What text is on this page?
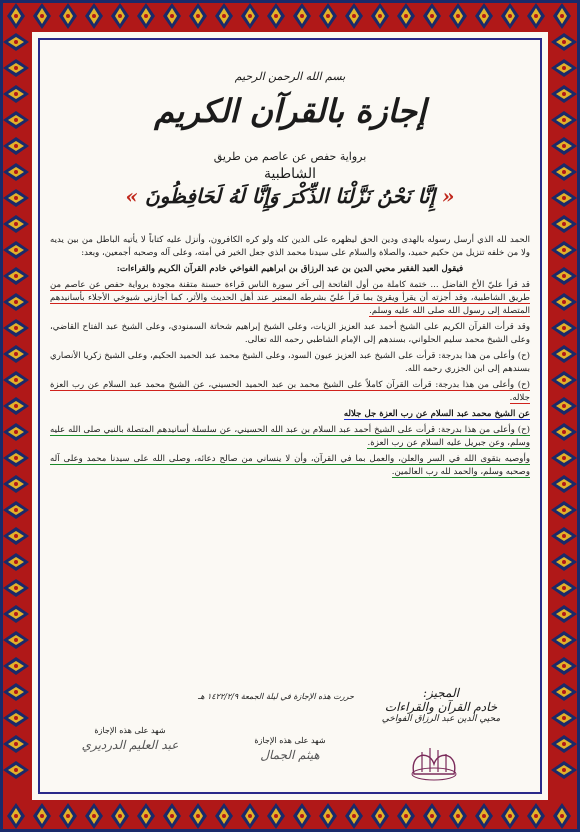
بسم الله الرحمن الرحيم
إجازة بالقرآن الكريم
برواية حفص عن عاصم من طريق
الشاطبية
« إِنَّا نَحْنُ نَزَّلْنَا الذِّكْرَ وَإِنَّا لَهُ لَحَافِظُونَ »

الحمد لله الذي أرسل رسوله بالهدى ودين الحق ليظهره على الدين كله ولو كره الكافرون، وأنزل عليه كتاباً لا يأتيه الباطل من بين يديه ولا من خلفه تنزيل من حكيم حميد، والصلاة والسلام على سيدنا محمد الذي جعل الخير في أمته، وعلى آله وصحبه أجمعين، وبعد:

فيقول العبد الفقير محيي الدين بن عبد الرزاق بن ابراهيم الفواخي خادم القرآن الكريم والقراءات:

قد قرأ عليّ الأخ الفاضل ... ختمة كاملة من أول الفاتحة إلى آخر سورة الناس قراءة حسنة متقنة مجودة برواية حفص عن عاصم من طريق الشاطبية، وقد أجزته أن يقرأ ويقرئ بما قرأ عليّ بشرطه المعتبر عند أهل الحديث والأثر، كما أجازني شيوخي الأجلاء بأسانيدهم المتصلة إلى رسول الله صلى الله عليه وسلم.

وقد قرأت القرآن الكريم على الشيخ أحمد عبد العزيز الزيات، وعلى الشيخ إبراهيم شحاتة السمنودي، وعلى الشيخ عبد الفتاح القاضي، وعلى الشيخ محمد سليم الحلواني، بسندهم إلى الإمام الشاطبي رحمه الله تعالى.

(ح) وأعلى من هذا بدرجة: قرأت على الشيخ عبد العزيز عيون السود، وعلى الشيخ محمد عبد الحميد الحكيم، وعلى الشيخ زكريا الأنصاري بسندهم إلى ابن الجزري رحمه الله.

(ح) وأعلى من هذا بدرجة: قرأت القرآن كاملاً على الشيخ محمد بن عبد الحميد الحسيني، عن الشيخ محمد عبد السلام عن رب العزة جلاله.

عن الشيخ محمد عبد السلام عن رب العزة جل جلاله

(ح) وأعلى من هذا بدرجة: قرأت على الشيخ أحمد عبد السلام بن عبد الله الحسيني، عن سلسلة أسانيدهم المتصلة بالنبي صلى الله عليه وسلم، وعن جبريل عليه السلام عن رب العزة.

وأوصيه بتقوى الله في السر والعلن، والعمل بما في القرآن، وأن لا ينساني من صالح دعائه، وصلى الله على سيدنا محمد وعلى آله وصحبه وسلم، والحمد لله رب العالمين.

حررت هذه الإجازة في ليلة الجمعة ١٤٢٢/٢/٩ هـ	المجيز:
خادم القرآن والقراءات
محيي الدين عبد الرزاق الفواخي
شهد على هذه الإجازة
هيثم الجمال
شهد على هذه الإجازة
عبد العليم الدرديري
